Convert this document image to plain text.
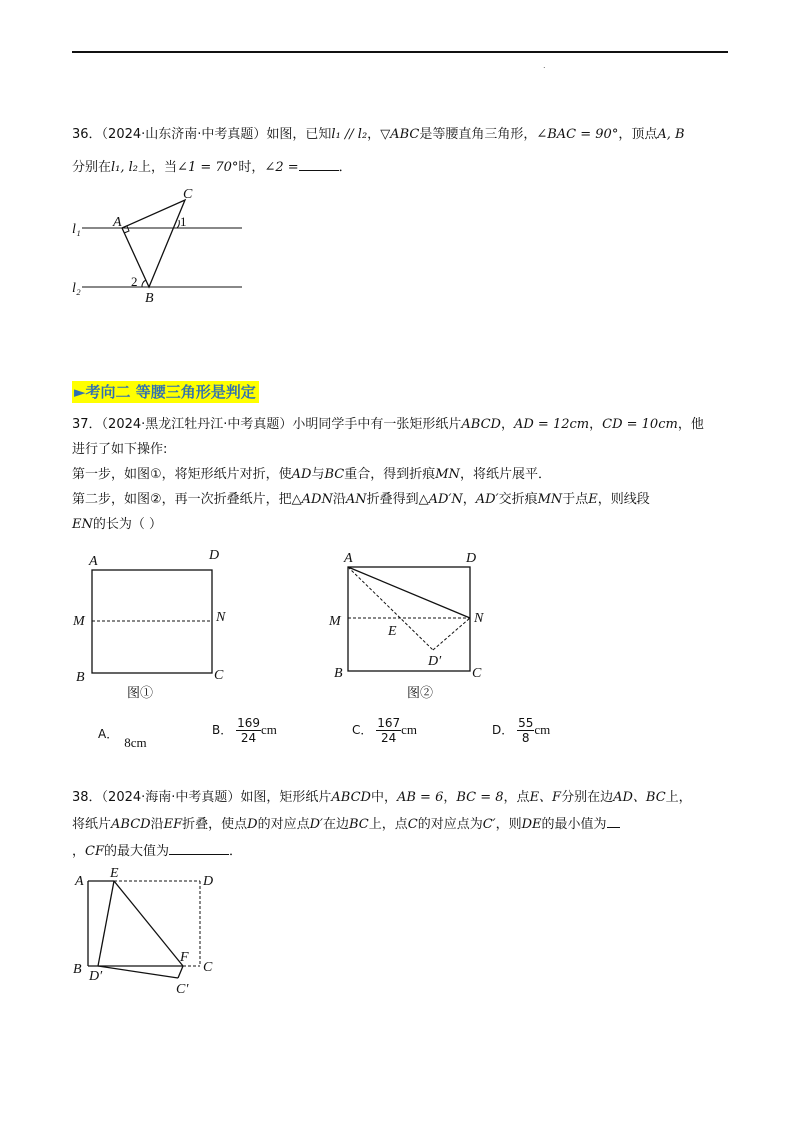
.
36．（2024·山东济南·中考真题）如图，已知l₁ // l₂，▽ABC是等腰直角三角形，∠BAC = 90°，顶点A, B
分别在l₁, l₂上，当∠1 = 70°时，∠2 =	．
l₁
l₂
A
B
C
1
2
►考向二 等腰三角形是判定
37．（2024·黑龙江牡丹江·中考真题）小明同学手中有一张矩形纸片ABCD，AD = 12cm，CD = 10cm，他
进行了如下操作:
第一步，如图①，将矩形纸片对折，使AD与BC重合，得到折痕MN，将纸片展平．
第二步，如图②，再一次折叠纸片，把△ADN沿AN折叠得到△AD′N，AD′交折痕MN于点E，则线段
EN的长为（ ）
A	D
M	N
B	C
图①
A	D
M	N
E
D′
B	C
图②
A．8cm
B． $\frac{169}{24}$ cm	C． $\frac{167}{24}$ cm	D． $\frac{55}{8}$ cm
38．（2024·海南·中考真题）如图，矩形纸片ABCD中，AB = 6，BC = 8，点E、F分别在边AD、BC上，
将纸片ABCD沿EF折叠，使点D的对应点D′在边BC上，点C的对应点为C′，则DE的最小值为
，CF的最大值为	．
A
E
D
B D′
F
C
C′
